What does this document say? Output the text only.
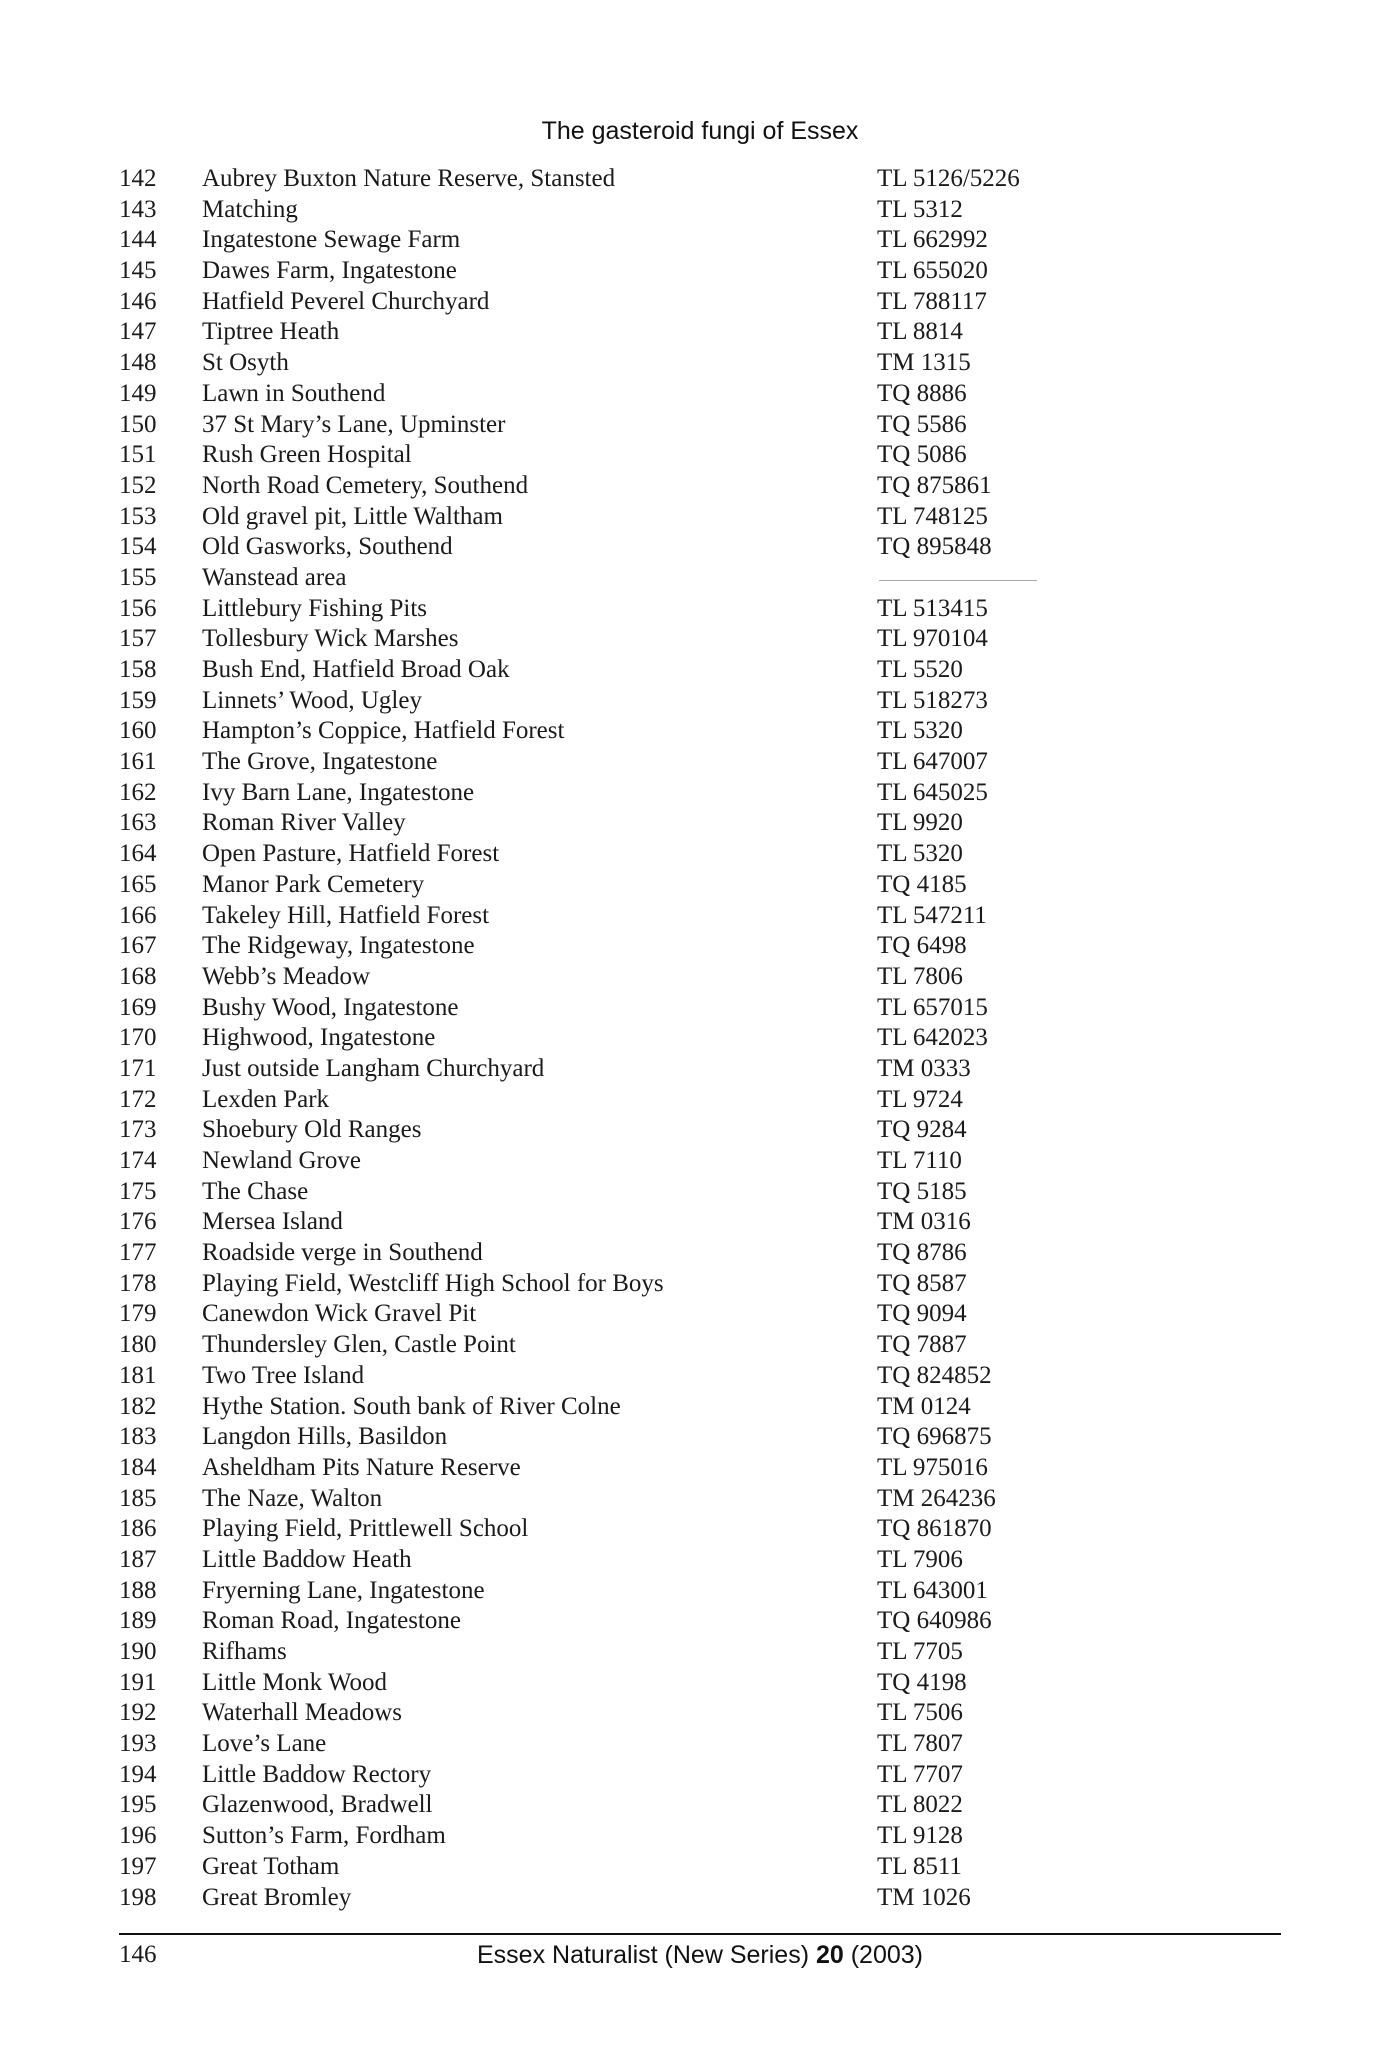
The gasteroid fungi of Essex
142 Aubrey Buxton Nature Reserve, Stansted	TL 5126/5226
143 Matching	TL 5312
144 Ingatestone Sewage Farm	TL 662992
145 Dawes Farm, Ingatestone	TL 655020
146 Hatfield Peverel Churchyard	TL 788117
147 Tiptree Heath	TL 8814
148 St Osyth	TM 1315
149 Lawn in Southend	TQ 8886
150 37 St Mary’s Lane, Upminster	TQ 5586
151 Rush Green Hospital	TQ 5086
152 North Road Cemetery, Southend	TQ 875861
153 Old gravel pit, Little Waltham	TL 748125
154 Old Gasworks, Southend	TQ 895848
155 Wanstead area
156 Littlebury Fishing Pits	TL 513415
157 Tollesbury Wick Marshes	TL 970104
158 Bush End, Hatfield Broad Oak	TL 5520
159 Linnets’ Wood, Ugley	TL 518273
160 Hampton’s Coppice, Hatfield Forest	TL 5320
161 The Grove, Ingatestone	TL 647007
162 Ivy Barn Lane, Ingatestone	TL 645025
163 Roman River Valley	TL 9920
164 Open Pasture, Hatfield Forest	TL 5320
165 Manor Park Cemetery	TQ 4185
166 Takeley Hill, Hatfield Forest	TL 547211
167 The Ridgeway, Ingatestone	TQ 6498
168 Webb’s Meadow	TL 7806
169 Bushy Wood, Ingatestone	TL 657015
170 Highwood, Ingatestone	TL 642023
171 Just outside Langham Churchyard	TM 0333
172 Lexden Park	TL 9724
173 Shoebury Old Ranges	TQ 9284
174 Newland Grove	TL 7110
175 The Chase	TQ 5185
176 Mersea Island	TM 0316
177 Roadside verge in Southend	TQ 8786
178 Playing Field, Westcliff High School for Boys	TQ 8587
179 Canewdon Wick Gravel Pit	TQ 9094
180 Thundersley Glen, Castle Point	TQ 7887
181 Two Tree Island	TQ 824852
182 Hythe Station. South bank of River Colne	TM 0124
183 Langdon Hills, Basildon	TQ 696875
184 Asheldham Pits Nature Reserve	TL 975016
185 The Naze, Walton	TM 264236
186 Playing Field, Prittlewell School	TQ 861870
187 Little Baddow Heath	TL 7906
188 Fryerning Lane, Ingatestone	TL 643001
189 Roman Road, Ingatestone	TQ 640986
190 Rifhams	TL 7705
191 Little Monk Wood	TQ 4198
192 Waterhall Meadows	TL 7506
193 Love’s Lane	TL 7807
194 Little Baddow Rectory	TL 7707
195 Glazenwood, Bradwell	TL 8022
196 Sutton’s Farm, Fordham	TL 9128
197 Great Totham	TL 8511
198 Great Bromley	TM 1026
146	Essex Naturalist (New Series) 20 (2003)
